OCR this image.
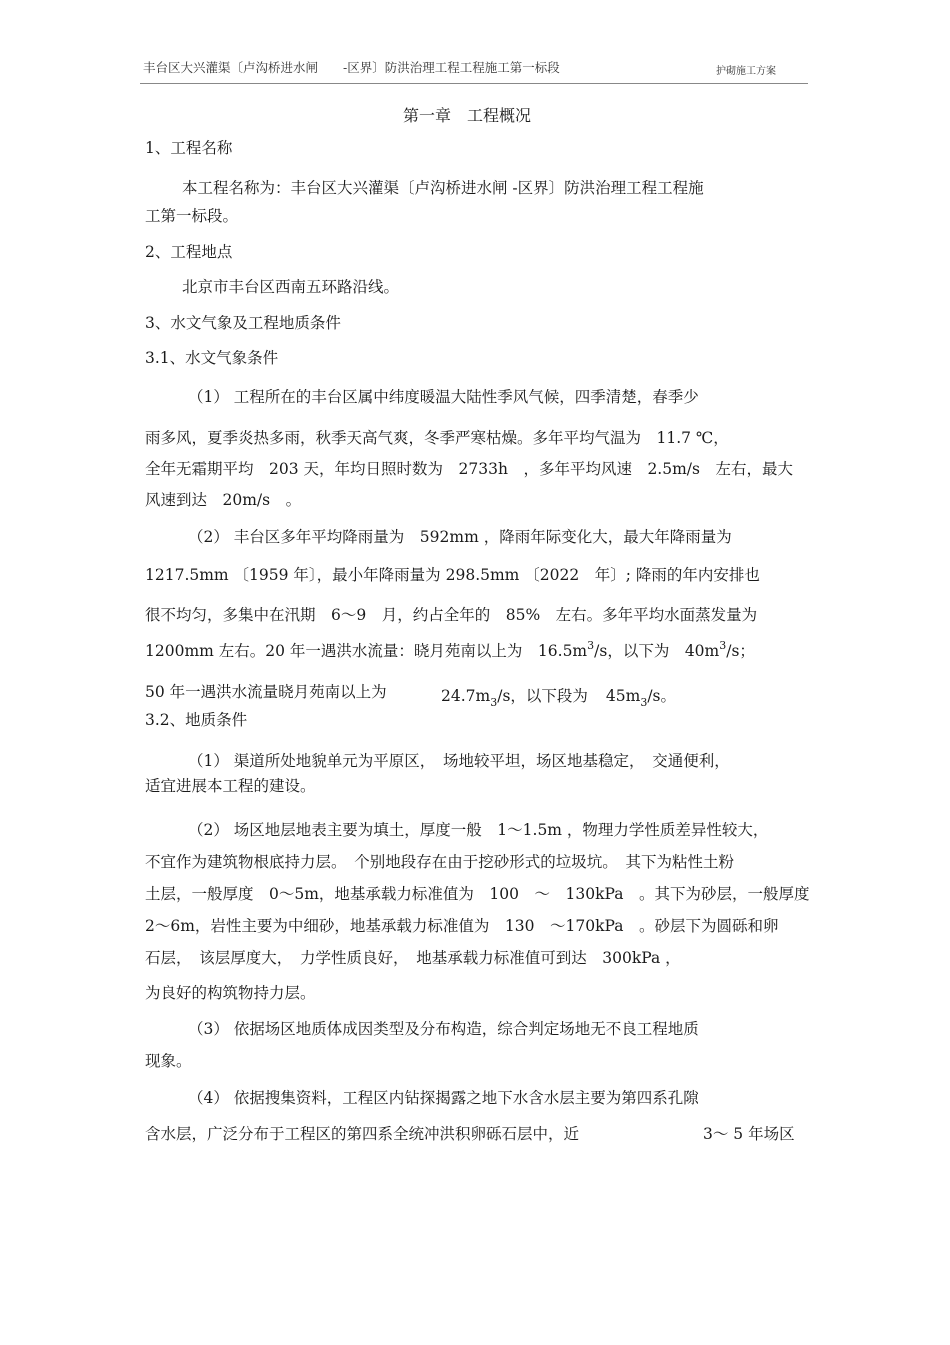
丰台区大兴灌渠〔卢沟桥进水闸 -区界〕防洪治理工程工程施工第一标段	护砌施工方案
第一章　工程概况
1、工程名称
本工程名称为：丰台区大兴灌渠〔卢沟桥进水闸 -区界〕防洪治理工程工程施
工第一标段。
2、工程地点
北京市丰台区西南五环路沿线。
3、水文气象及工程地质条件
3.1、水文气象条件
（1） 工程所在的丰台区属中纬度暖温大陆性季风气候，四季清楚，春季少
雨多风，夏季炎热多雨，秋季天高气爽，冬季严寒枯燥。多年平均气温为　11.7 ℃，
全年无霜期平均　203 天，年均日照时数为　2733h　，多年平均风速　2.5m/s　左右，最大
风速到达　20m/s　。
（2） 丰台区多年平均降雨量为　592mm ，降雨年际变化大，最大年降雨量为
1217.5mm 〔1959 年〕，最小年降雨量为 298.5mm 〔2022　年〕; 降雨的年内安排也
很不均匀，多集中在汛期　6～9　月，约占全年的　85%　左右。多年平均水面蒸发量为
1200mm 左右。20 年一遇洪水流量：晓月苑南以上为　$16.5m^3/s$，以下为　$40m^3/s$；
50 年一遇洪水流量晓月苑南以上为	$24.7m_3/s$，以下段为 $45m_3/s$。
3.2、地质条件
（1） 渠道所处地貌单元为平原区，　场地较平坦，场区地基稳定，　交通便利，
适宜进展本工程的建设。
（2） 场区地层地表主要为填土，厚度一般　1～1.5m ，物理力学性质差异性较大，
不宜作为建筑物根底持力层。　个别地段存在由于挖砂形式的垃圾坑。　其下为粘性土粉
土层，一般厚度　0～5m，地基承载力标准值为　100　～　130kPa　。其下为砂层，一般厚度
2～6m，岩性主要为中细砂，地基承载力标准值为　130　～170kPa　。砂层下为圆砾和卵
石层，　该层厚度大，　力学性质良好，　地基承载力标准值可到达　300kPa ，
为良好的构筑物持力层。
（3） 依据场区地质体成因类型及分布构造，综合判定场地无不良工程地质
现象。
（4） 依据搜集资料，工程区内钻探揭露之地下水含水层主要为第四系孔隙
含水层，广泛分布于工程区的第四系全统冲洪积卵砾石层中，近	3～ 5 年场区
